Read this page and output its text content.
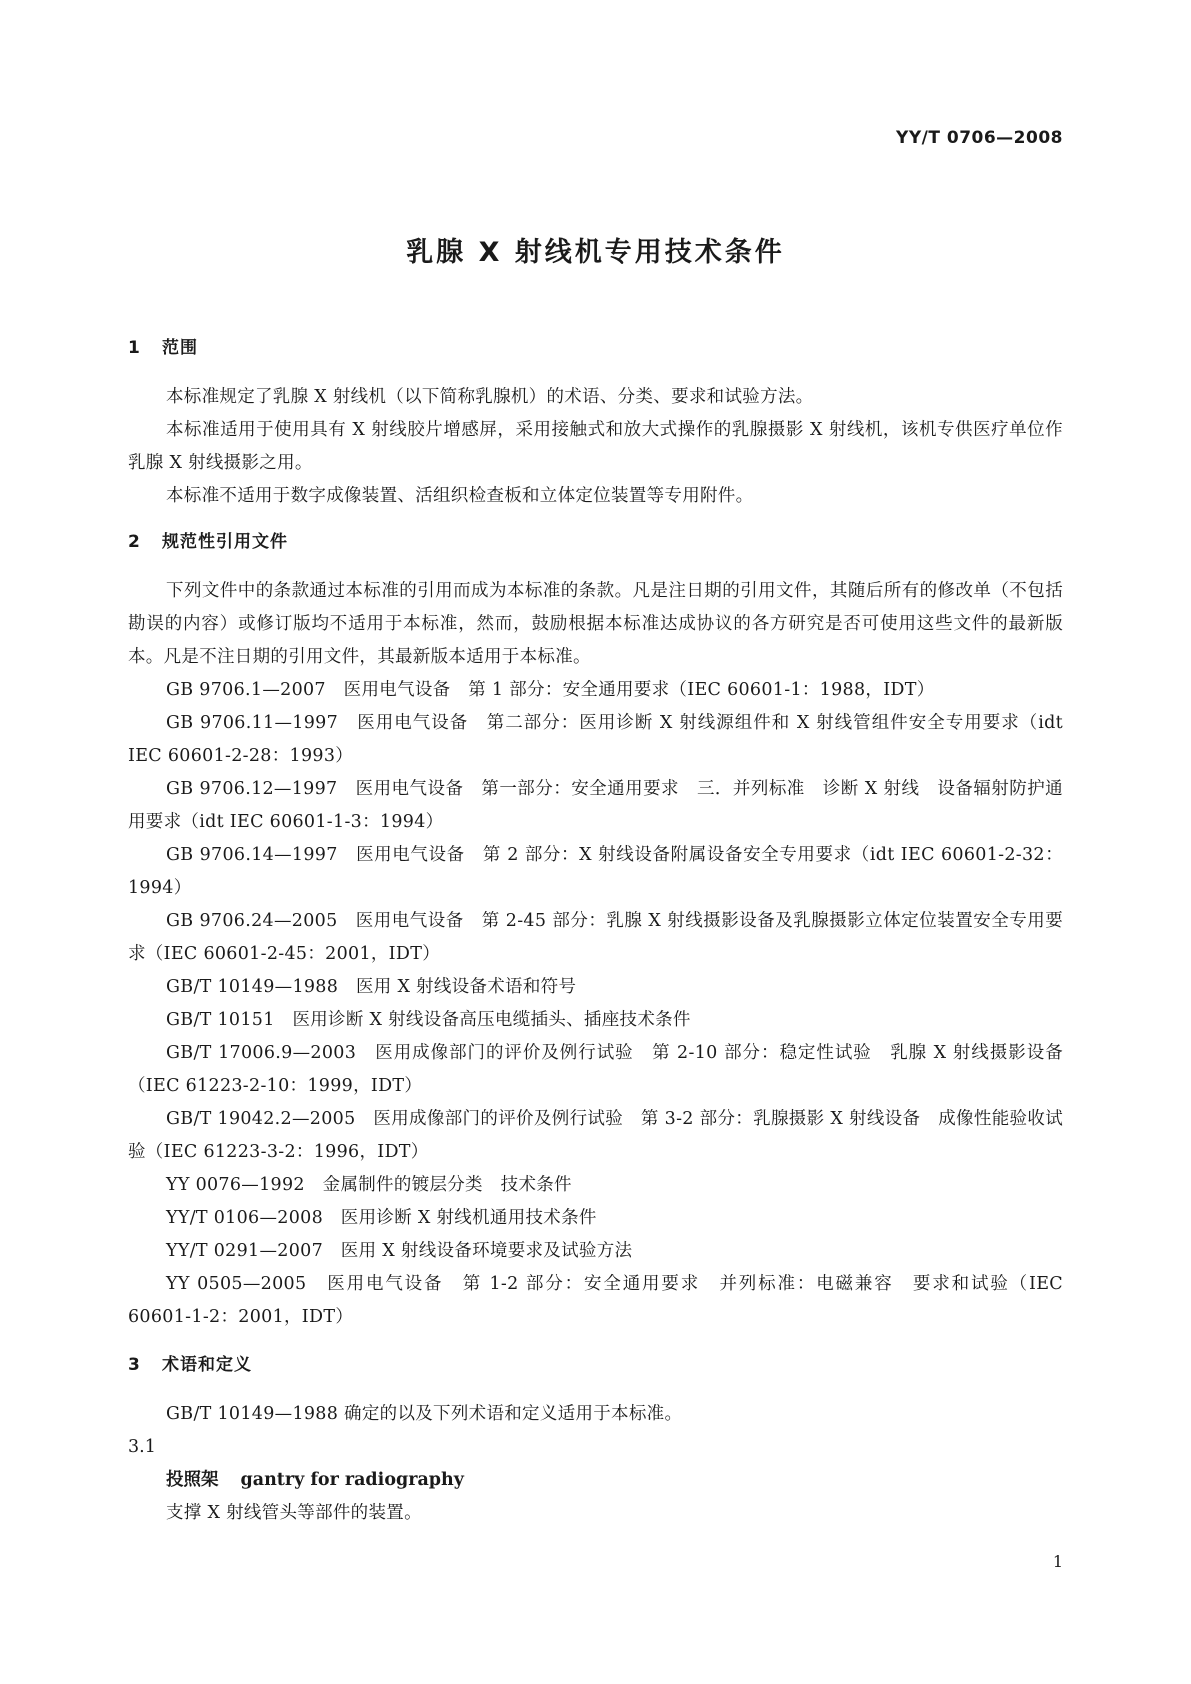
YY/T 0706—2008
乳腺 X 射线机专用技术条件
1 范围

本标准规定了乳腺 X 射线机（以下简称乳腺机）的术语、分类、要求和试验方法。

本标准适用于使用具有 X 射线胶片增感屏，采用接触式和放大式操作的乳腺摄影 X 射线机，该机专供医疗单位作乳腺 X 射线摄影之用。

本标准不适用于数字成像装置、活组织检查板和立体定位装置等专用附件。

2 规范性引用文件

下列文件中的条款通过本标准的引用而成为本标准的条款。凡是注日期的引用文件，其随后所有的修改单（不包括勘误的内容）或修订版均不适用于本标准，然而，鼓励根据本标准达成协议的各方研究是否可使用这些文件的最新版本。凡是不注日期的引用文件，其最新版本适用于本标准。

GB 9706.1—2007　医用电气设备　第 1 部分：安全通用要求（IEC 60601-1：1988，IDT）

GB 9706.11—1997　医用电气设备　第二部分：医用诊断 X 射线源组件和 X 射线管组件安全专用要求（idt IEC 60601-2-28：1993）

GB 9706.12—1997　医用电气设备　第一部分：安全通用要求　三．并列标准　诊断 X 射线　设备辐射防护通用要求（idt IEC 60601-1-3：1994）

GB 9706.14—1997　医用电气设备　第 2 部分：X 射线设备附属设备安全专用要求（idt IEC 60601-2-32：1994）

GB 9706.24—2005　医用电气设备　第 2-45 部分：乳腺 X 射线摄影设备及乳腺摄影立体定位装置安全专用要求（IEC 60601-2-45：2001，IDT）

GB/T 10149—1988　医用 X 射线设备术语和符号

GB/T 10151　医用诊断 X 射线设备高压电缆插头、插座技术条件

GB/T 17006.9—2003　医用成像部门的评价及例行试验　第 2-10 部分：稳定性试验　乳腺 X 射线摄影设备（IEC 61223-2-10：1999，IDT）

GB/T 19042.2—2005　医用成像部门的评价及例行试验　第 3-2 部分：乳腺摄影 X 射线设备　成像性能验收试验（IEC 61223-3-2：1996，IDT）

YY 0076—1992　金属制件的镀层分类　技术条件

YY/T 0106—2008　医用诊断 X 射线机通用技术条件

YY/T 0291—2007　医用 X 射线设备环境要求及试验方法

YY 0505—2005　医用电气设备　第 1-2 部分：安全通用要求　并列标准：电磁兼容　要求和试验（IEC 60601-1-2：2001，IDT）

3 术语和定义

GB/T 10149—1988 确定的以及下列术语和定义适用于本标准。

3.1

投照架 gantry for radiography

支撑 X 射线管头等部件的装置。

1
